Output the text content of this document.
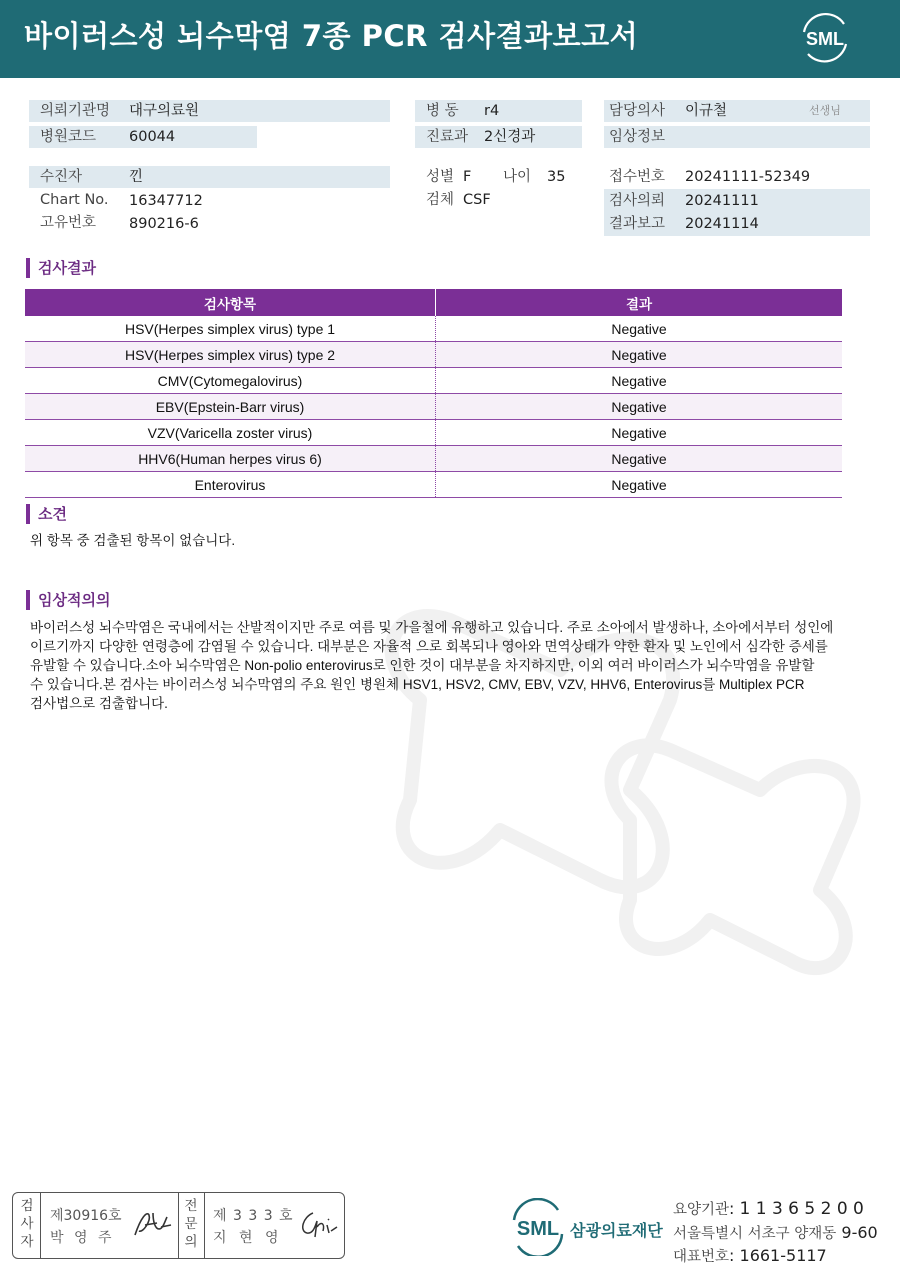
바이러스성 뇌수막염 7종 PCR 검사결과보고서	SML
의뢰기관명 대구의료원
병원코드 60044
병 동 r4
진료과 2신경과
담당의사 이규철	선생님
임상정보
수진자	낀
Chart No. 16347712
고유번호 890216-6
성별 F 나이 35
검체 CSF
접수번호 20241111-52349
검사의뢰 20241111
결과보고 20241114
검사결과
검사항목	결과
HSV(Herpes simplex virus) type 1	Negative
HSV(Herpes simplex virus) type 2	Negative
CMV(Cytomegalovirus)	Negative
EBV(Epstein-Barr virus)	Negative
VZV(Varicella zoster virus)	Negative
HHV6(Human herpes virus 6)	Negative
Enterovirus	Negative
소견
위 항목 중 검출된 항목이 없습니다.
임상적의의
바이러스성 뇌수막염은 국내에서는 산발적이지만 주로 여름 및 가을철에 유행하고 있습니다. 주로 소아에서 발생하나, 소아에서부터 성인에
이르기까지 다양한 연령층에 감염될 수 있습니다. 대부분은 자율적 으로 회복되나 영아와 면역상태가 약한 환자 및 노인에서 심각한 증세를
유발할 수 있습니다.소아 뇌수막염은 Non-polio enterovirus로 인한 것이 대부분을 차지하지만, 이외 여러 바이러스가 뇌수막염을 유발할
수 있습니다.본 검사는 바이러스성 뇌수막염의 주요 원인 병원체 HSV1, HSV2, CMV, EBV, VZV, HHV6, Enterovirus를 Multiplex PCR
검사법으로 검출합니다.
검
사
자
제30916호
박 영 주
전
문
의
제 3 3 3 호
지 현 영	SML 삼광의료재단
요양기관: 1 1 3 6 5 2 0 0
서울특별시 서초구 양재동 9-60
대표번호: 1661-5117
